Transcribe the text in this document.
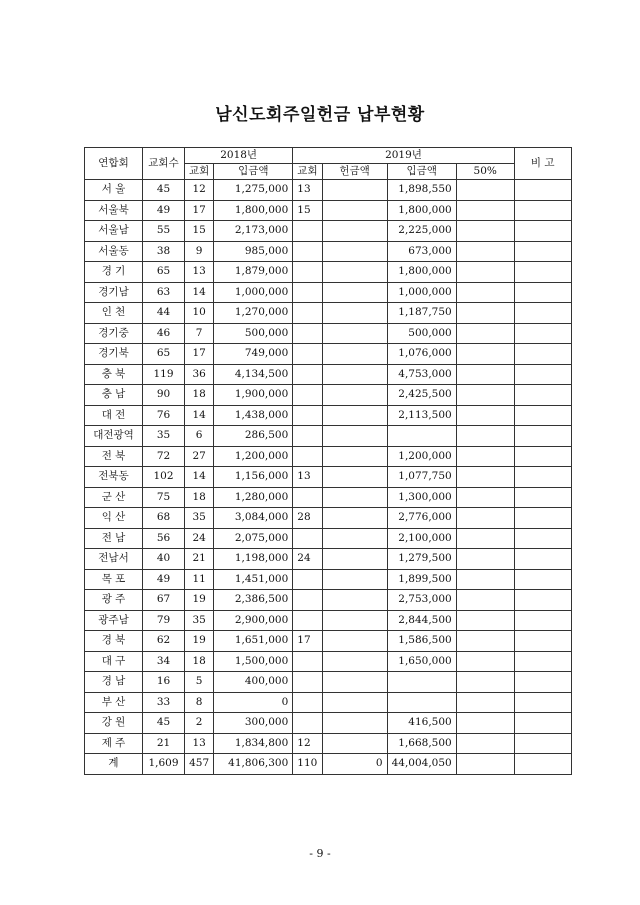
남신도회주일헌금 납부현황
연합회	교회수	2018년		2019년				비 고
		교회	입금액	교회	헌금액	입금액	50%	
서 울	45	12	1,275,000	13		1,898,550		
서울북	49	17	1,800,000	15		1,800,000		
서울남	55	15	2,173,000			2,225,000		
서울동	38	9	985,000			673,000		
경 기	65	13	1,879,000			1,800,000		
경기남	63	14	1,000,000			1,000,000		
인 천	44	10	1,270,000			1,187,750		
경기중	46	7	500,000			500,000		
경기북	65	17	749,000			1,076,000		
충 북	119	36	4,134,500			4,753,000		
충 남	90	18	1,900,000			2,425,500		
대 전	76	14	1,438,000			2,113,500		
대전광역	35	6	286,500					
전 북	72	27	1,200,000			1,200,000		
전북동	102	14	1,156,000	13		1,077,750		
군 산	75	18	1,280,000			1,300,000		
익 산	68	35	3,084,000	28		2,776,000		
전 남	56	24	2,075,000			2,100,000		
전남서	40	21	1,198,000	24		1,279,500		
목 포	49	11	1,451,000			1,899,500		
광 주	67	19	2,386,500			2,753,000		
광주남	79	35	2,900,000			2,844,500		
경 북	62	19	1,651,000	17		1,586,500		
대 구	34	18	1,500,000			1,650,000		
경 남	16	5	400,000					
부 산	33	8	0					
강 원	45	2	300,000			416,500		
제 주	21	13	1,834,800	12		1,668,500		
계	1,609	457	41,806,300	110	0	44,004,050		
- 9 -
